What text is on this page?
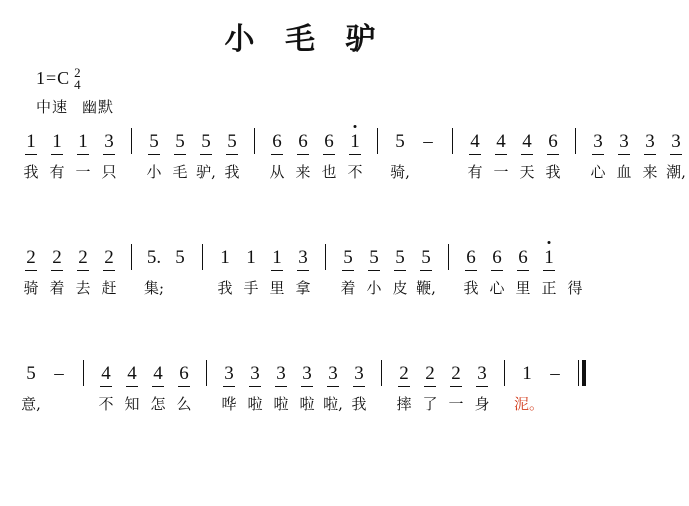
小 毛 驴
1=C 2
4
中速 幽默
1 1 1 3	5 5 5 5	6 6 6 1	5 –	4 4 4 6	3 3 3 3
我 有 一 只	小 毛 驴, 我	从 来 也 不	骑,	有 一 天 我	心 血 来 潮,
2 2 2 2	5. 5	1 1 1 3	5 5 5 5	6 6 6 1
骑 着 去 赶	集;	我 手 里 拿	着 小 皮 鞭,	我 心 里 正 得
5 –	4 4 4 6	3 3 3 3 3 3	2 2 2 3	1 –
意,	不 知 怎 么	哗 啦 啦 啦 啦, 我	摔 了 一 身	泥。
